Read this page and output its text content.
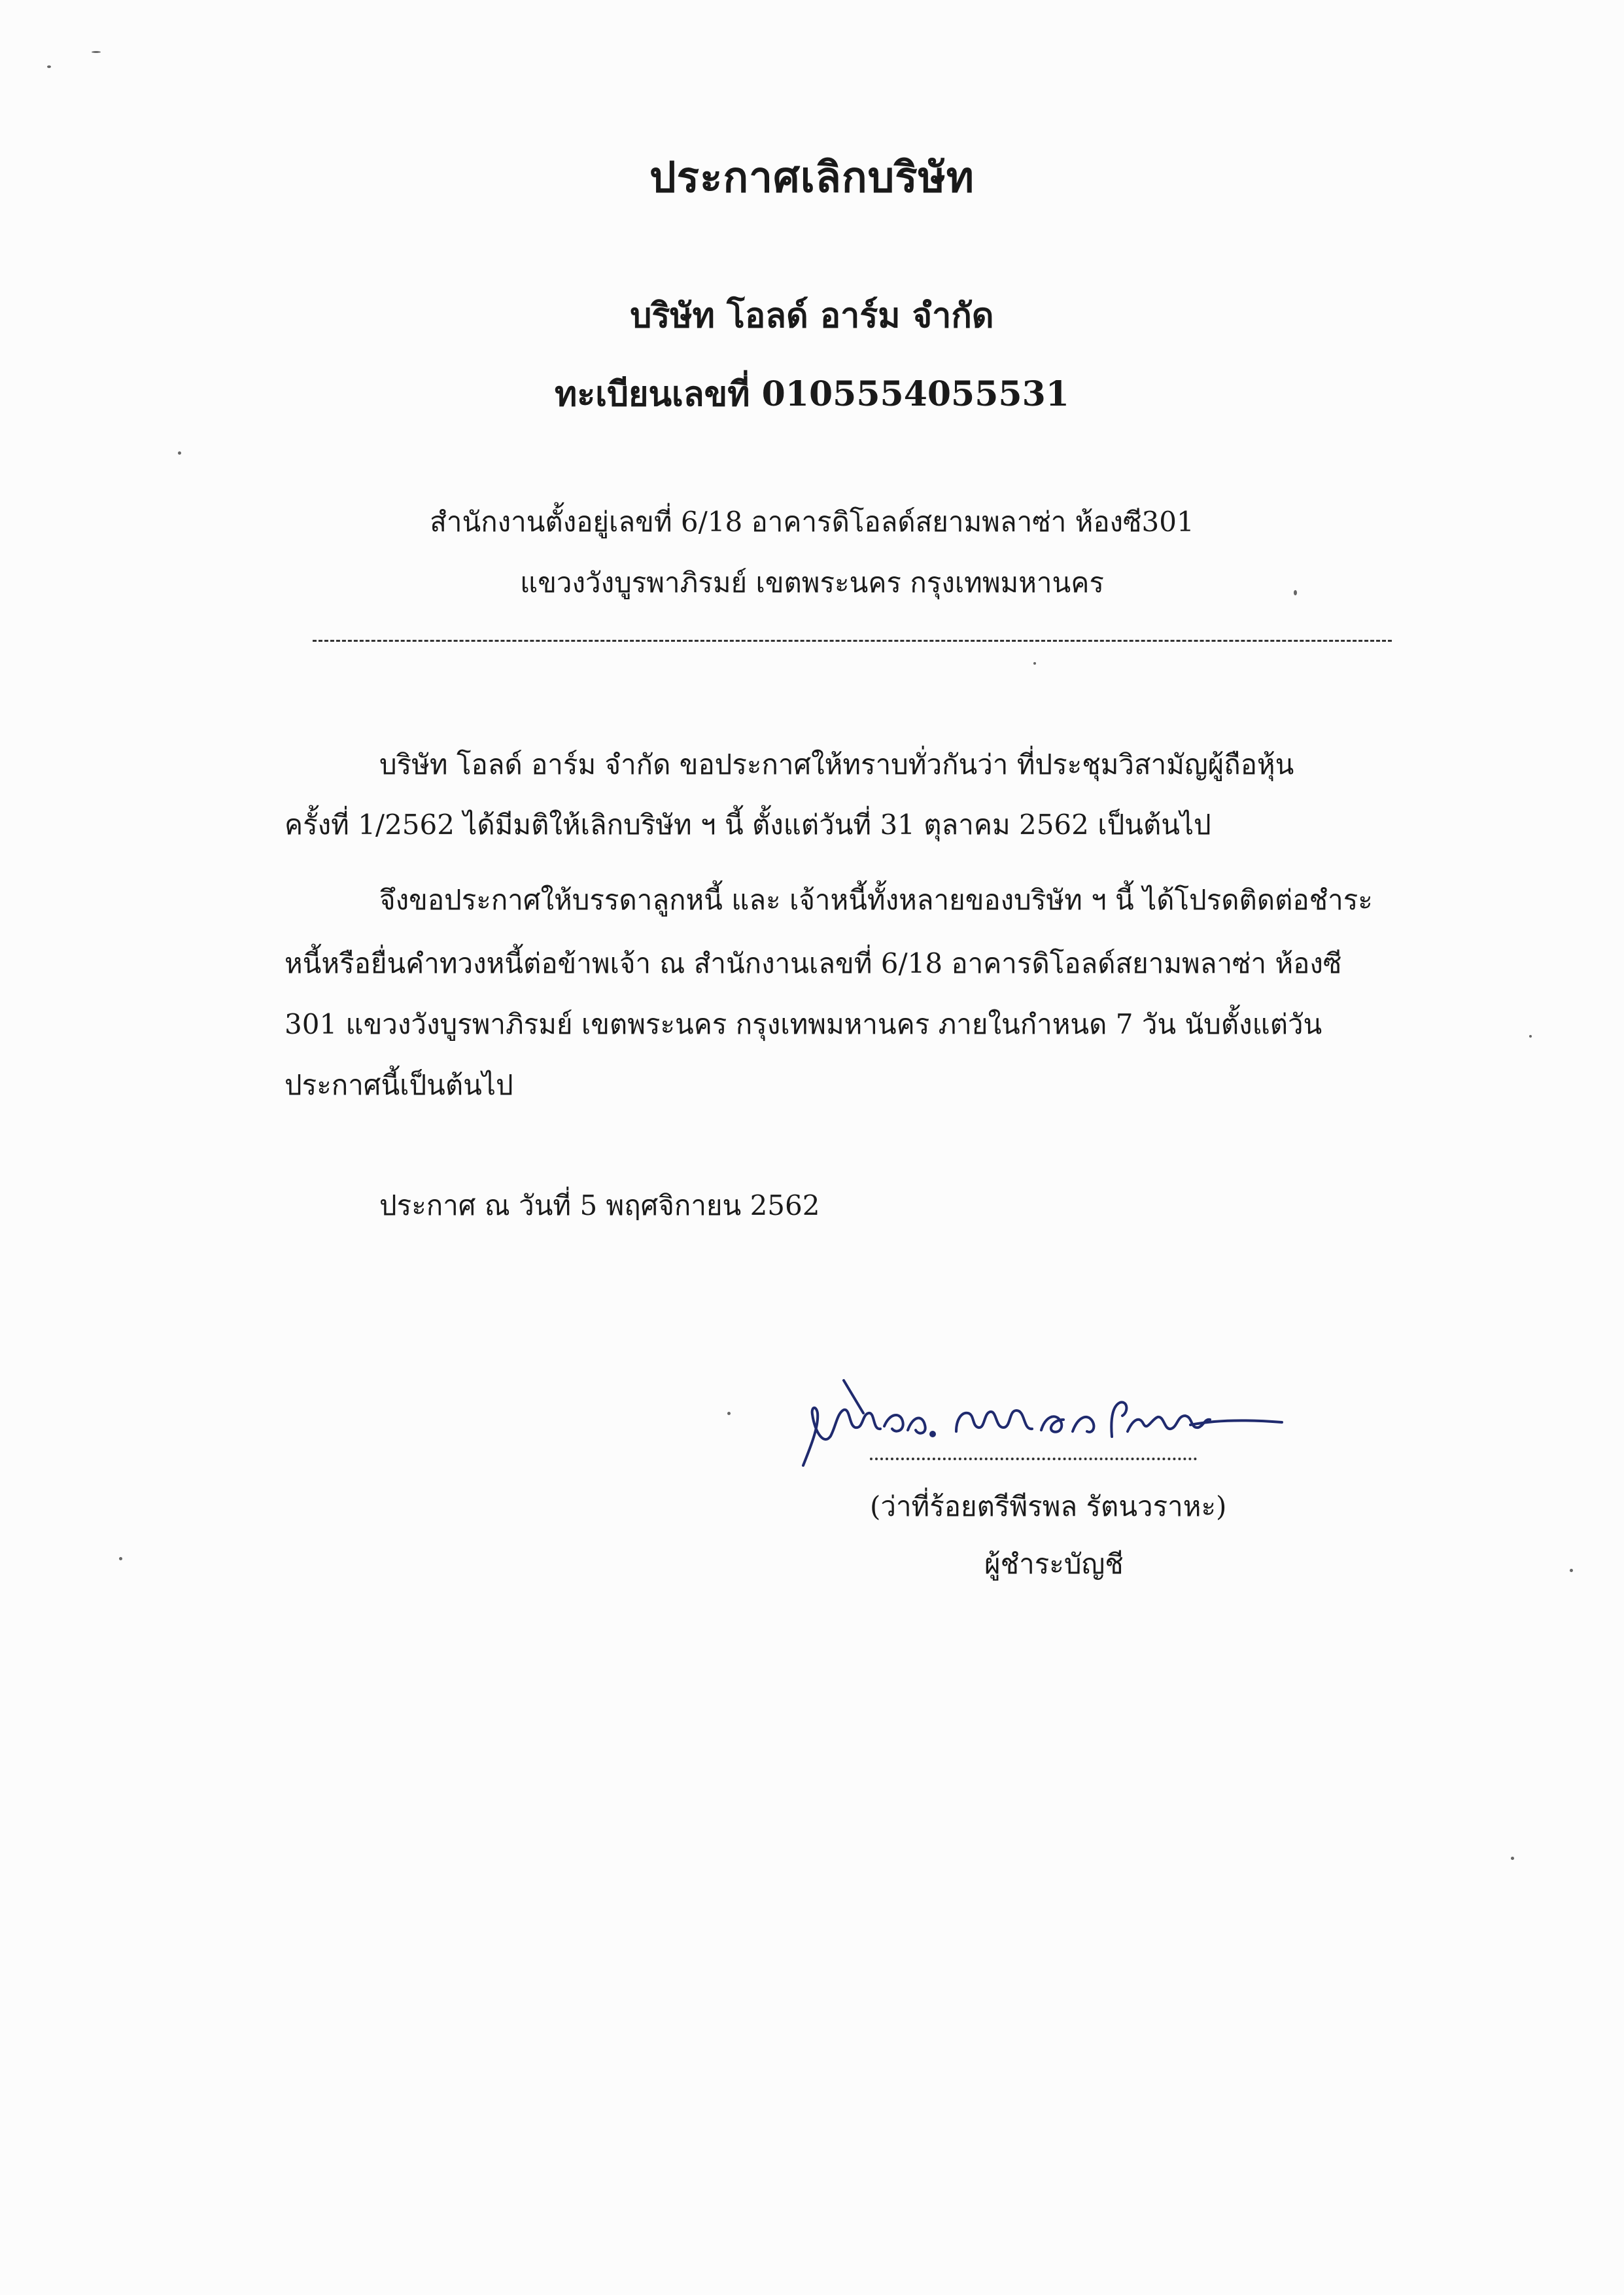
ประกาศเลิกบริษัท
บริษัท โอลด์ อาร์ม จำกัด
ทะเบียนเลขที่ 0105554055531
สำนักงานตั้งอยู่เลขที่ 6/18 อาคารดิโอลด์สยามพลาซ่า ห้องซี301
แขวงวังบูรพาภิรมย์ เขตพระนคร กรุงเทพมหานคร
บริษัท โอลด์ อาร์ม จำกัด ขอประกาศให้ทราบทั่วกันว่า ที่ประชุมวิสามัญผู้ถือหุ้น
ครั้งที่ 1/2562 ได้มีมติให้เลิกบริษัท ฯ นี้ ตั้งแต่วันที่ 31 ตุลาคม 2562 เป็นต้นไป
จึงขอประกาศให้บรรดาลูกหนี้ และ เจ้าหนี้ทั้งหลายของบริษัท ฯ นี้ ได้โปรดติดต่อชำระ
หนี้หรือยื่นคำทวงหนี้ต่อข้าพเจ้า ณ สำนักงานเลขที่ 6/18 อาคารดิโอลด์สยามพลาซ่า ห้องซี
301 แขวงวังบูรพาภิรมย์ เขตพระนคร กรุงเทพมหานคร ภายในกำหนด 7 วัน นับตั้งแต่วัน
ประกาศนี้เป็นต้นไป
ประกาศ ณ วันที่ 5 พฤศจิกายน 2562
(ว่าที่ร้อยตรีพีรพล รัตนวราหะ)
ผู้ชำระบัญชี
